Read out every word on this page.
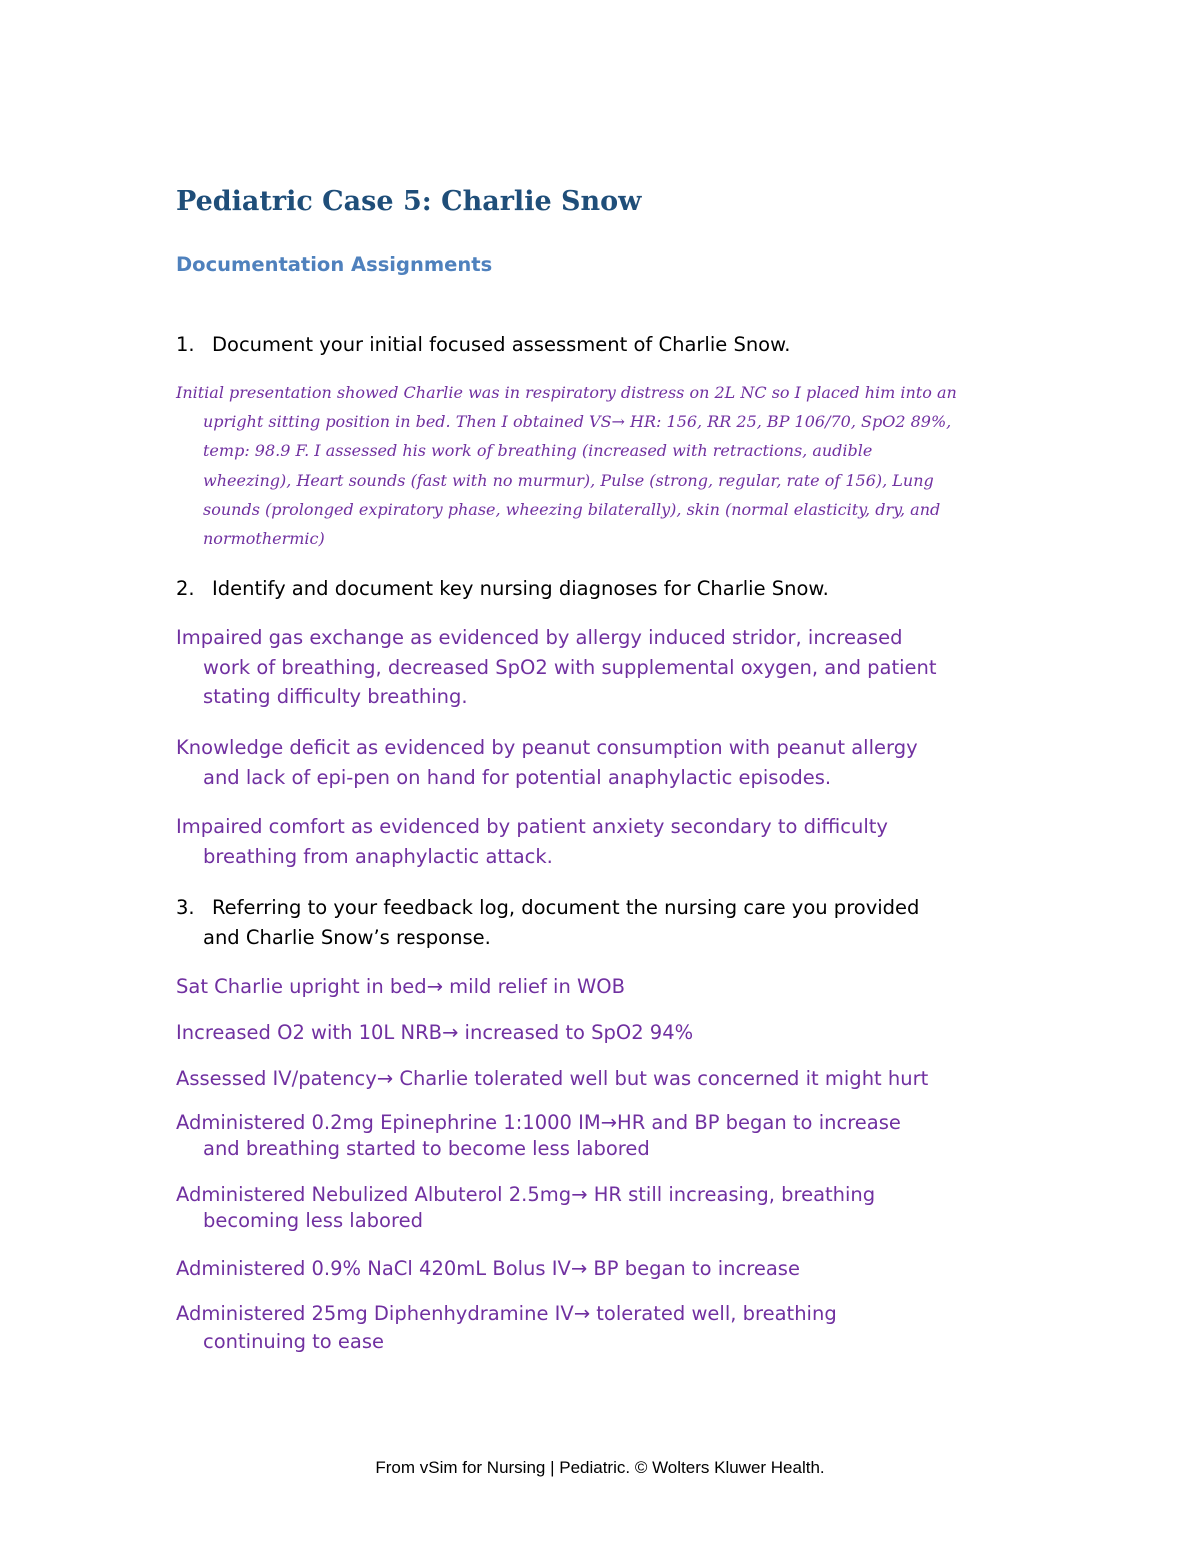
Pediatric Case 5: Charlie Snow
Documentation Assignments

1. Document your initial focused assessment of Charlie Snow.

Initial presentation showed Charlie was in respiratory distress on 2L NC so I placed him into an
upright sitting position in bed. Then I obtained VS→ HR: 156, RR 25, BP 106/70, SpO2 89%,
temp: 98.9 F. I assessed his work of breathing (increased with retractions, audible
wheezing), Heart sounds (fast with no murmur), Pulse (strong, regular, rate of 156), Lung
sounds (prolonged expiratory phase, wheezing bilaterally), skin (normal elasticity, dry, and
normothermic)

2. Identify and document key nursing diagnoses for Charlie Snow.

Impaired gas exchange as evidenced by allergy induced stridor, increased
work of breathing, decreased SpO2 with supplemental oxygen, and patient
stating difficulty breathing.
Knowledge deficit as evidenced by peanut consumption with peanut allergy
and lack of epi-pen on hand for potential anaphylactic episodes.
Impaired comfort as evidenced by patient anxiety secondary to difficulty
breathing from anaphylactic attack.

3. Referring to your feedback log, document the nursing care you provided
and Charlie Snow’s response.

Sat Charlie upright in bed→ mild relief in WOB
Increased O2 with 10L NRB→ increased to SpO2 94%
Assessed IV/patency→ Charlie tolerated well but was concerned it might hurt
Administered 0.2mg Epinephrine 1:1000 IM→HR and BP began to increase
and breathing started to become less labored
Administered Nebulized Albuterol 2.5mg→ HR still increasing, breathing
becoming less labored
Administered 0.9% NaCl 420mL Bolus IV→ BP began to increase
Administered 25mg Diphenhydramine IV→ tolerated well, breathing
continuing to ease
From vSim for Nursing | Pediatric. © Wolters Kluwer Health.
